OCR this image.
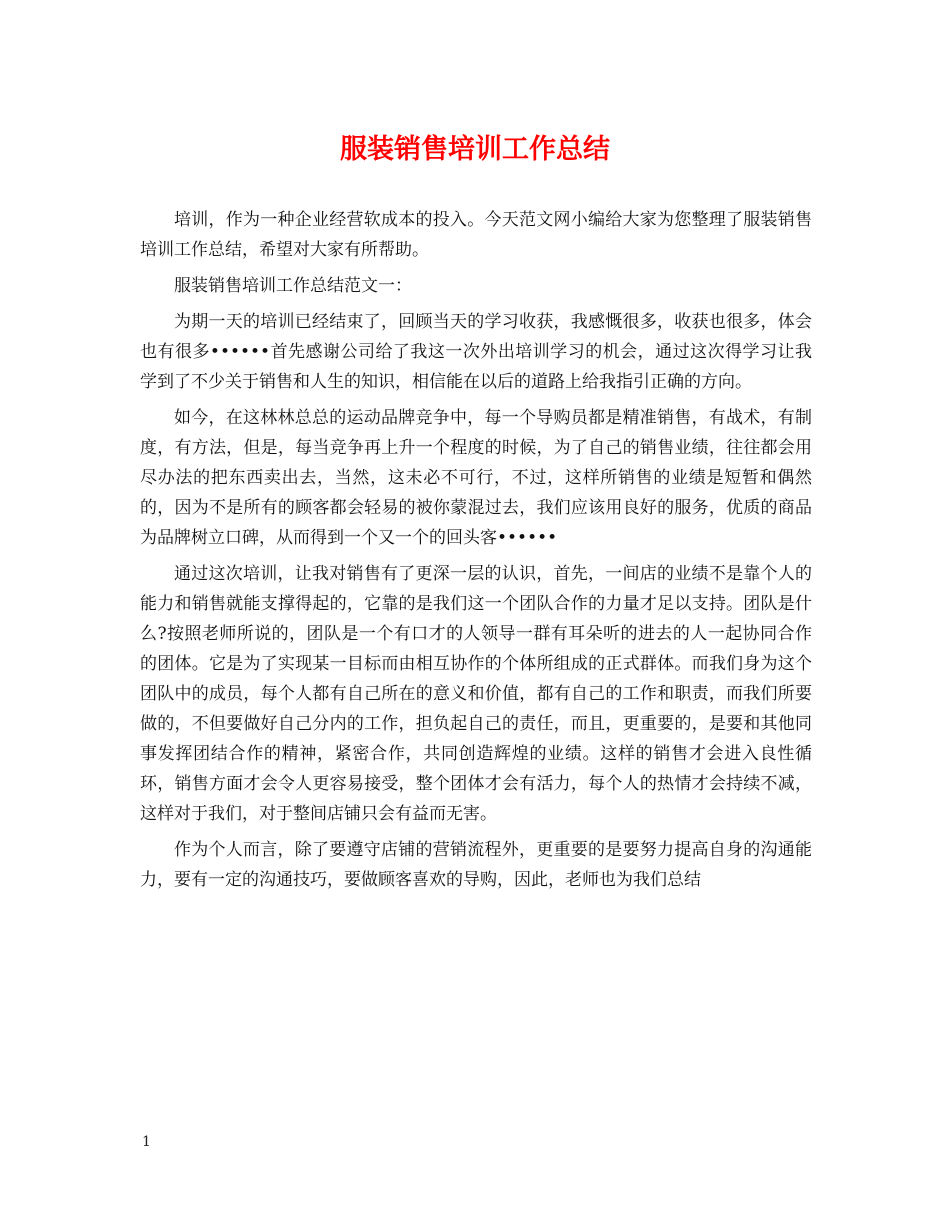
服装销售培训工作总结

培训，作为一种企业经营软成本的投入。今天范文网小编给大家为您整理了服装销售培训工作总结，希望对大家有所帮助。

服装销售培训工作总结范文一：

为期一天的培训已经结束了，回顾当天的学习收获，我感慨很多，收获也很多，体会也有很多••••••首先感谢公司给了我这一次外出培训学习的机会，通过这次得学习让我学到了不少关于销售和人生的知识，相信能在以后的道路上给我指引正确的方向。

如今，在这林林总总的运动品牌竞争中，每一个导购员都是精准销售，有战术，有制度，有方法，但是，每当竞争再上升一个程度的时候，为了自己的销售业绩，往往都会用尽办法的把东西卖出去，当然，这未必不可行，不过，这样所销售的业绩是短暂和偶然的，因为不是所有的顾客都会轻易的被你蒙混过去，我们应该用良好的服务，优质的商品为品牌树立口碑，从而得到一个又一个的回头客••••••

通过这次培训，让我对销售有了更深一层的认识，首先，一间店的业绩不是靠个人的能力和销售就能支撑得起的，它靠的是我们这一个团队合作的力量才足以支持。团队是什么?按照老师所说的，团队是一个有口才的人领导一群有耳朵听的进去的人一起协同合作的团体。它是为了实现某一目标而由相互协作的个体所组成的正式群体。而我们身为这个团队中的成员，每个人都有自己所在的意义和价值，都有自己的工作和职责，而我们所要做的，不但要做好自己分内的工作，担负起自己的责任，而且，更重要的，是要和其他同事发挥团结合作的精神，紧密合作，共同创造辉煌的业绩。这样的销售才会进入良性循环，销售方面才会令人更容易接受，整个团体才会有活力，每个人的热情才会持续不减，这样对于我们，对于整间店铺只会有益而无害。

作为个人而言，除了要遵守店铺的营销流程外，更重要的是要努力提高自身的沟通能力，要有一定的沟通技巧，要做顾客喜欢的导购，因此，老师也为我们总结

1
